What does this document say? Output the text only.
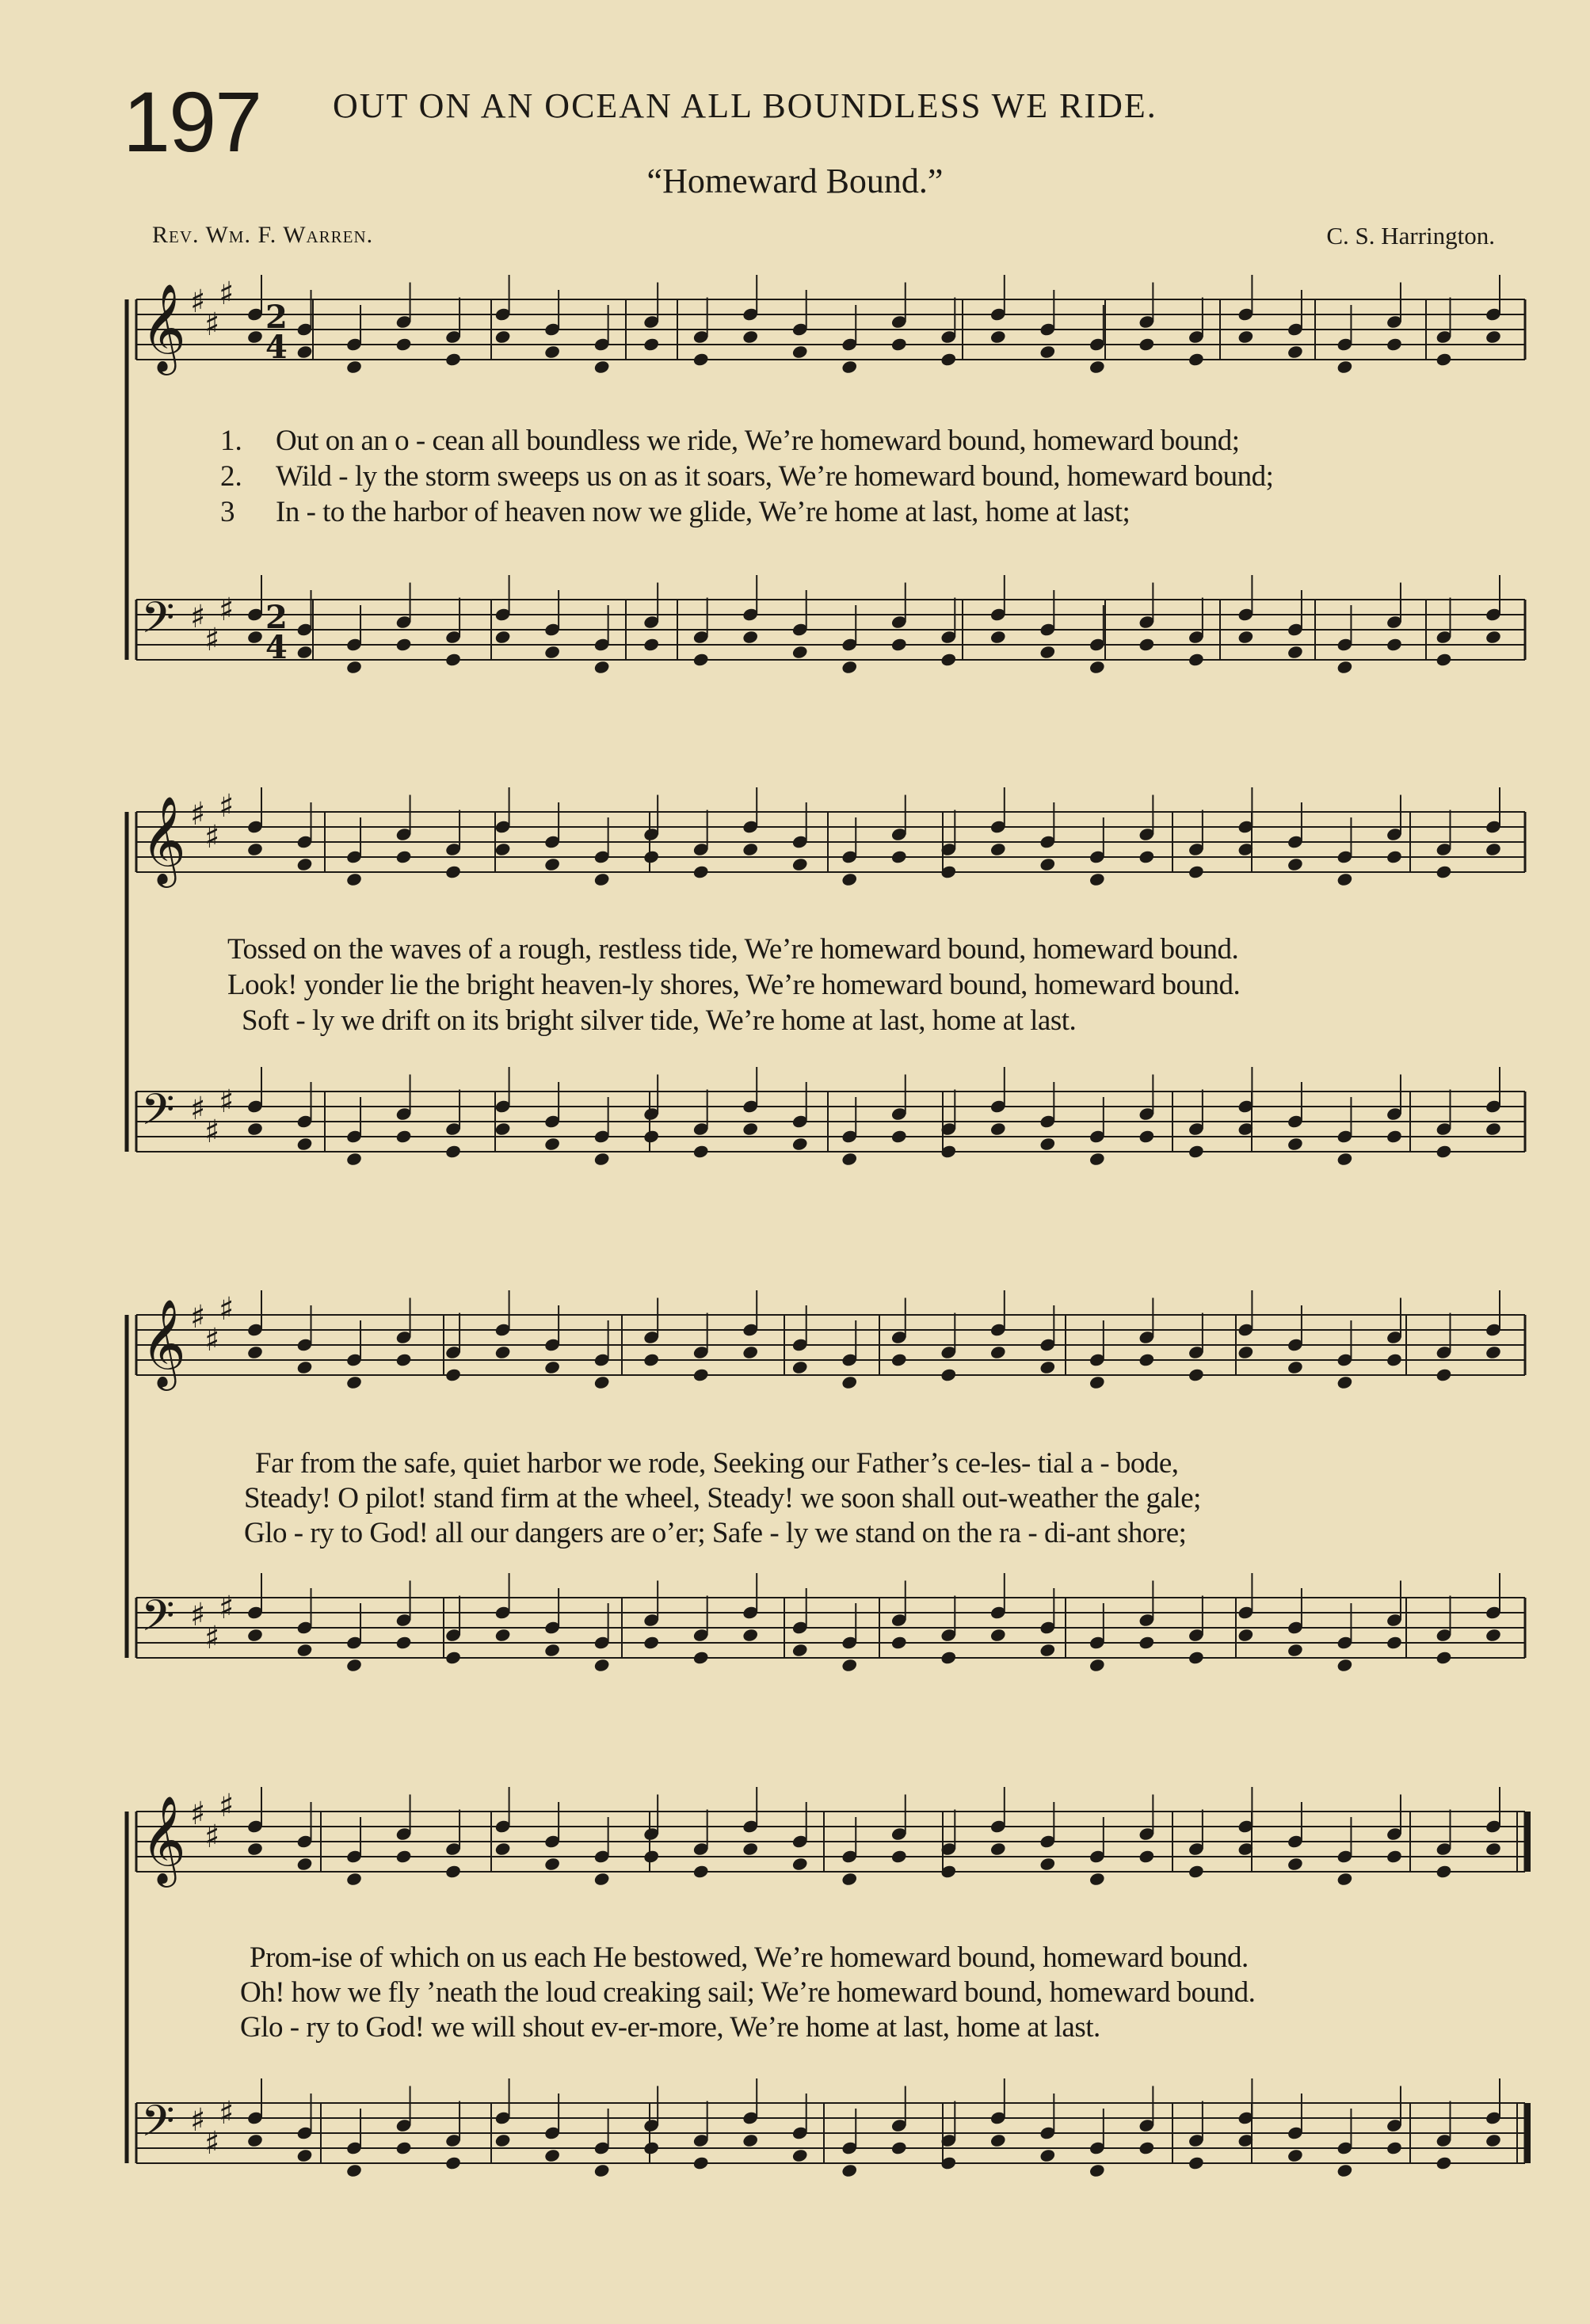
197 OUT ON AN OCEAN ALL BOUNDLESS WE RIDE.
“Homeward Bound.”
Rev. Wm. F. Warren.	C. S. Harrington.
1. Out on an o - cean all boundless we ride, We’re homeward bound, homeward bound;
2. Wild - ly the storm sweeps us on as it soars, We’re homeward bound, homeward bound;
3 In - to the harbor of heaven now we glide, We’re home at last, home at last;
Tossed on the waves of a rough, restless tide, We’re homeward bound, homeward bound.
Look! yonder lie the bright heaven-ly shores, We’re homeward bound, homeward bound.
Soft - ly we drift on its bright silver tide, We’re home at last, home at last.
Far from the safe, quiet harbor we rode, Seeking our Father’s ce-les- tial a - bode,
Steady! O pilot! stand firm at the wheel, Steady! we soon shall out-weather the gale;
Glo - ry to God! all our dangers are o’er; Safe - ly we stand on the ra - di-ant shore;
Prom-ise of which on us each He bestowed, We’re homeward bound, homeward bound.
Oh! how we fly ’neath the loud creaking sail; We’re homeward bound, homeward bound.
Glo - ry to God! we will shout ev-er-more, We’re home at last, home at last.
𝄞 ♯
♯
♯
𝄢 ♯
♯
♯
𝄞 ♯
♯
♯
𝄢 ♯
♯
♯
𝄞 ♯
♯
♯
𝄢 ♯
♯
♯
𝄞 ♯
♯
♯
𝄢 ♯
♯
♯
2
4
2
4
